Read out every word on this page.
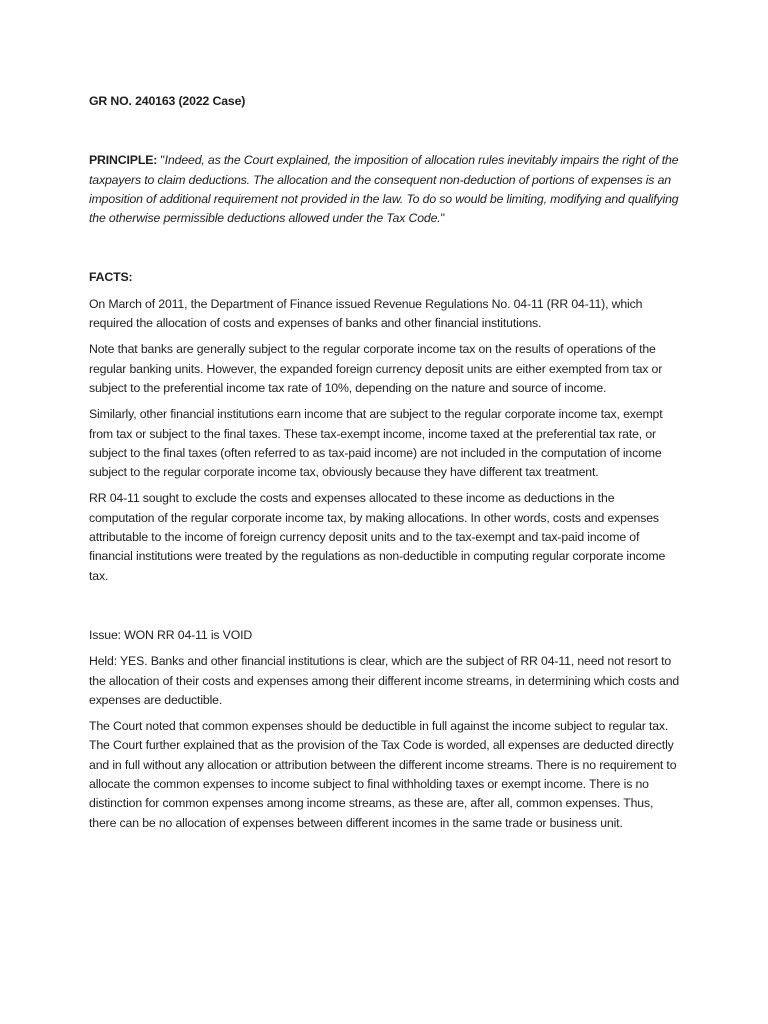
GR NO. 240163 (2022 Case)
PRINCIPLE: "Indeed, as the Court explained, the imposition of allocation rules inevitably impairs the right of the taxpayers to claim deductions. The allocation and the consequent non-deduction of portions of expenses is an imposition of additional requirement not provided in the law. To do so would be limiting, modifying and qualifying the otherwise permissible deductions allowed under the Tax Code."
FACTS:
On March of 2011, the Department of Finance issued Revenue Regulations No. 04-11 (RR 04-11), which required the allocation of costs and expenses of banks and other financial institutions.
Note that banks are generally subject to the regular corporate income tax on the results of operations of the regular banking units. However, the expanded foreign currency deposit units are either exempted from tax or subject to the preferential income tax rate of 10%, depending on the nature and source of income.
Similarly, other financial institutions earn income that are subject to the regular corporate income tax, exempt from tax or subject to the final taxes. These tax-exempt income, income taxed at the preferential tax rate, or subject to the final taxes (often referred to as tax-paid income) are not included in the computation of income subject to the regular corporate income tax, obviously because they have different tax treatment.
RR 04-11 sought to exclude the costs and expenses allocated to these income as deductions in the computation of the regular corporate income tax, by making allocations. In other words, costs and expenses attributable to the income of foreign currency deposit units and to the tax-exempt and tax-paid income of financial institutions were treated by the regulations as non-deductible in computing regular corporate income tax.
Issue: WON RR 04-11 is VOID
Held: YES. Banks and other financial institutions is clear, which are the subject of RR 04-11, need not resort to the allocation of their costs and expenses among their different income streams, in determining which costs and expenses are deductible.
The Court noted that common expenses should be deductible in full against the income subject to regular tax. The Court further explained that as the provision of the Tax Code is worded, all expenses are deducted directly and in full without any allocation or attribution between the different income streams. There is no requirement to allocate the common expenses to income subject to final withholding taxes or exempt income. There is no distinction for common expenses among income streams, as these are, after all, common expenses. Thus, there can be no allocation of expenses between different incomes in the same trade or business unit.
